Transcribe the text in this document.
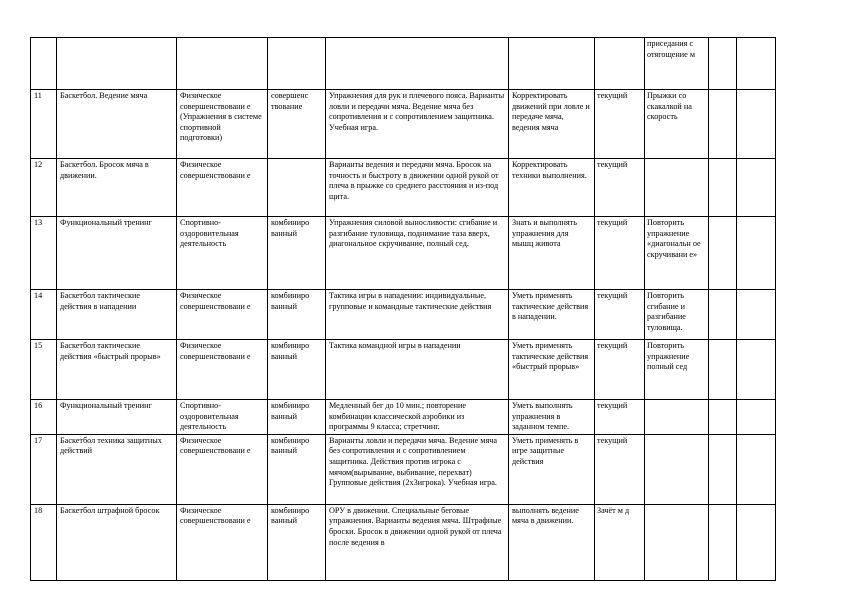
							приседания с отягощение м		
11	Баскетбол. Ведение мяча	Физическое совершенствовани е (Упражнения в системе спортивной подготовки)	совершенс твование	Упражнения для рук и плечевого пояса. Варианты ловли и передачи мяча. Ведение мяча без сопротивления и с сопротивлением защитника. Учебная игра.	Корректировать движений при ловле и передаче мяча, ведения мяча	текущий	Прыжки со скакалкой на скорость		
12	Баскетбол. Бросок мяча в движении.	Физическое совершенствовани е		Варианты ведения и передачи мяча. Бросок на точность и быстроту в движении одной рукой от плеча в прыжке со среднего расстояния и из-под щита.	Корректировать техники выполнения.	текущий			
13	Функциональный тренинг	Спортивно-оздоровительная деятельность	комбиниро ванный	Упражнения силовой выносливости: сгибание и разгибание туловища, поднимание таза вверх, диагональное скручивание, полный сед.	Знать и выполнять упражнения для мышц живота	текущий	Повторить упражнение «диагональн ое скручивани е»		
14	Баскетбол тактические действия в нападении	Физическое совершенствовани е	комбиниро ванный	Тактика игры в нападении: индивидуальные, групповые и командные тактические действия	Уметь применять тактические действия в нападении.	текущий	Повторить сгибание и разгибание туловища.		
15	Баскетбол тактические действия «быстрый прорыв»	Физическое совершенствовани е	комбиниро ванный	Тактика командной игры в нападении	Уметь применять тактические действия «быстрый прорыв»	текущий	Повторить упражнение полный сед		
16	Функциональный тренинг	Спортивно-оздоровительная деятельность	комбиниро ванный	Медленный бег до 10 мин.; повторение комбинации классической аэробики из программы 9 класса; стретчинг.	Уметь выполнять упражнения в заданном темпе.	текущий			
17	Баскетбол техника защитных действий	Физическое совершенствовани е	комбиниро ванный	Варианты ловли и передачи мяча. Ведение мяча без сопротивления и с сопротивлением защитника. Действия против игрока с мячом(вырывание, выбивание, перехват) Групповые действия (2х3игрока). Учебная игра.	Уметь применять в игре защитные действия	текущий			
18	Баскетбол штрафной бросок	Физическое совершенствовани е	комбиниро ванный	ОРУ в движении. Специальные беговые упражнения. Варианты ведения мяча. Штрафные броски. Бросок в движении одной рукой от плеча после ведения в	выполнять ведение мяча в движении.	Зачёт м д			
